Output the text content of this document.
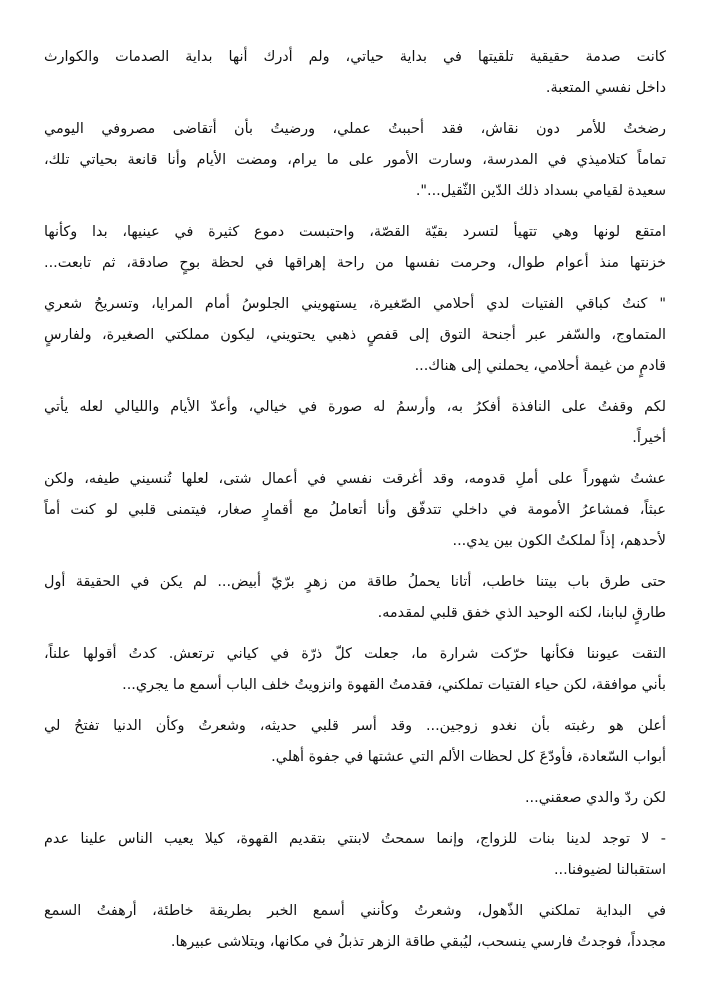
كانت صدمة حقيقية تلقيتها في بداية حياتي، ولم أدرك أنها بداية الصدمات والكوارث
داخل نفسي المتعبة.

رضختُ للأمر دون نقاش، فقد أحببتُ عملي، ورضيتُ بأن أتقاضى مصروفي اليومي
تماماً كتلاميذي في المدرسة، وسارت الأمور على ما يرام، ومضت الأيام وأنا قانعة بحياتي تلك،
سعيدة لقيامي بسداد ذلك الدّين الثّقيل...".

امتقع لونها وهي تتهيأ لتسرد بقيّة القصّة، واحتبست دموع كثيرة في عينيها، بدا وكأنها
خزنتها منذ أعوام طوال، وحرمت نفسها من راحة إهراقها في لحظة بوحٍ صادقة، ثم تابعت...

" كنتُ كباقي الفتيات لدي أحلامي الصّغيرة، يستهويني الجلوسُ أمام المرايا، وتسريحُ شعري
المتماوج، والسّفر عبر أجنحة التوق إلى قفصٍ ذهبي يحتويني، ليكون مملكتي الصغيرة، ولفارسٍ
قادمٍ من غيمة أحلامي، يحملني إلى هناك...

لكم وقفتُ على النافذة أفكرُ به، وأرسمُ له صورة في خيالي، وأعدّ الأيام والليالي لعله يأتي
أخيراً.

عشتُ شهوراً على أملِ قدومه، وقد أغرقت نفسي في أعمال شتى، لعلها تُنسيني طيفه، ولكن
عبثاً، فمشاعرُ الأمومة في داخلي تتدفّق وأنا أتعاملُ مع أقمارٍ صغار، فيتمنى قلبي لو كنت أماً
لأحدهم، إذاً لملكتُ الكون بين يدي...

حتى طرق باب بيتنا خاطب، أتانا يحملُ طاقة من زهرٍ برّيّ أبيض... لم يكن في الحقيقة أول
طارقٍ لبابنا، لكنه الوحيد الذي خفق قلبي لمقدمه.

التقت عيوننا فكأنها حرّكت شرارة ما، جعلت كلّ ذرّة في كياني ترتعش. كدتُ أقولها علناً،
بأني موافقة، لكن حياء الفتيات تملكني، فقدمتُ القهوة وانزويتُ خلف الباب أسمع ما يجري...

أعلن هو رغبته بأن نغدو زوجين... وقد أسر قلبي حديثه، وشعرتُ وكأن الدنيا تفتحُ لي
أبواب السّعادة، فأودّعَ كل لحظات الألم التي عشتها في جفوة أهلي.

لكن ردّ والدي صعقني...

- لا توجد لدينا بنات للزواج، وإنما سمحتُ لابنتي بتقديم القهوة، كيلا يعيب الناس علينا عدم
استقبالنا لضيوفنا...

في البداية تملكني الذّهول، وشعرتُ وكأنني أسمع الخبر بطريقة خاطئة، أرهفتُ السمع
مجدداً، فوجدتُ فارسي ينسحب، ليُبقي طاقة الزهر تذبلُ في مكانها، ويتلاشى عبيرها.
